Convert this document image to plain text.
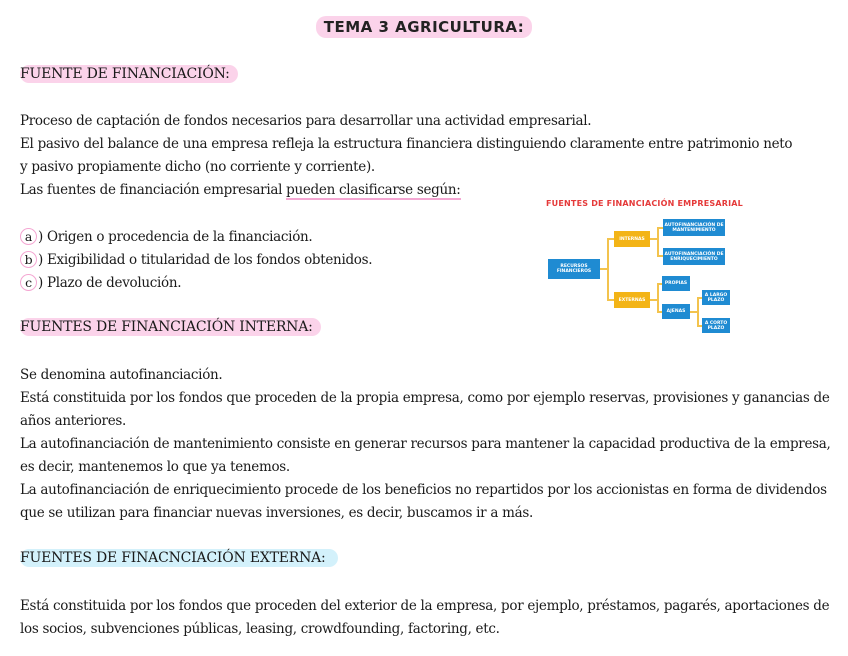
TEMA 3 AGRICULTURA:
FUENTE DE FINANCIACIÓN:
Proceso de captación de fondos necesarios para desarrollar una actividad empresarial.
El pasivo del balance de una empresa refleja la estructura financiera distinguiendo claramente entre patrimonio neto
y pasivo propiamente dicho (no corriente y corriente).
Las fuentes de financiación empresarial pueden clasificarse según:
a ) Origen o procedencia de la financiación.
b ) Exigibilidad o titularidad de los fondos obtenidos.
c ) Plazo de devolución.
FUENTES DE FINANCIACIÓN EMPRESARIAL
RECURSOS FINANCIEROS
INTERNAS
EXTERNAS
AUTOFINANCIACIÓN DE MANTENIMIENTO
AUTOFINANCIACIÓN DE ENRIQUECIMIENTO
PROPIAS
AJENAS
A LARGO PLAZO
A CORTO PLAZO
FUENTES DE FINANCIACIÓN INTERNA:
Se denomina autofinanciación.
Está constituida por los fondos que proceden de la propia empresa, como por ejemplo reservas, provisiones y ganancias de
años anteriores.
La autofinanciación de mantenimiento consiste en generar recursos para mantener la capacidad productiva de la empresa,
es decir, mantenemos lo que ya tenemos.
La autofinanciación de enriquecimiento procede de los beneficios no repartidos por los accionistas en forma de dividendos
que se utilizan para financiar nuevas inversiones, es decir, buscamos ir a más.
FUENTES DE FINACNCIACIÓN EXTERNA:
Está constituida por los fondos que proceden del exterior de la empresa, por ejemplo, préstamos, pagarés, aportaciones de
los socios, subvenciones públicas, leasing, crowdfounding, factoring, etc.
